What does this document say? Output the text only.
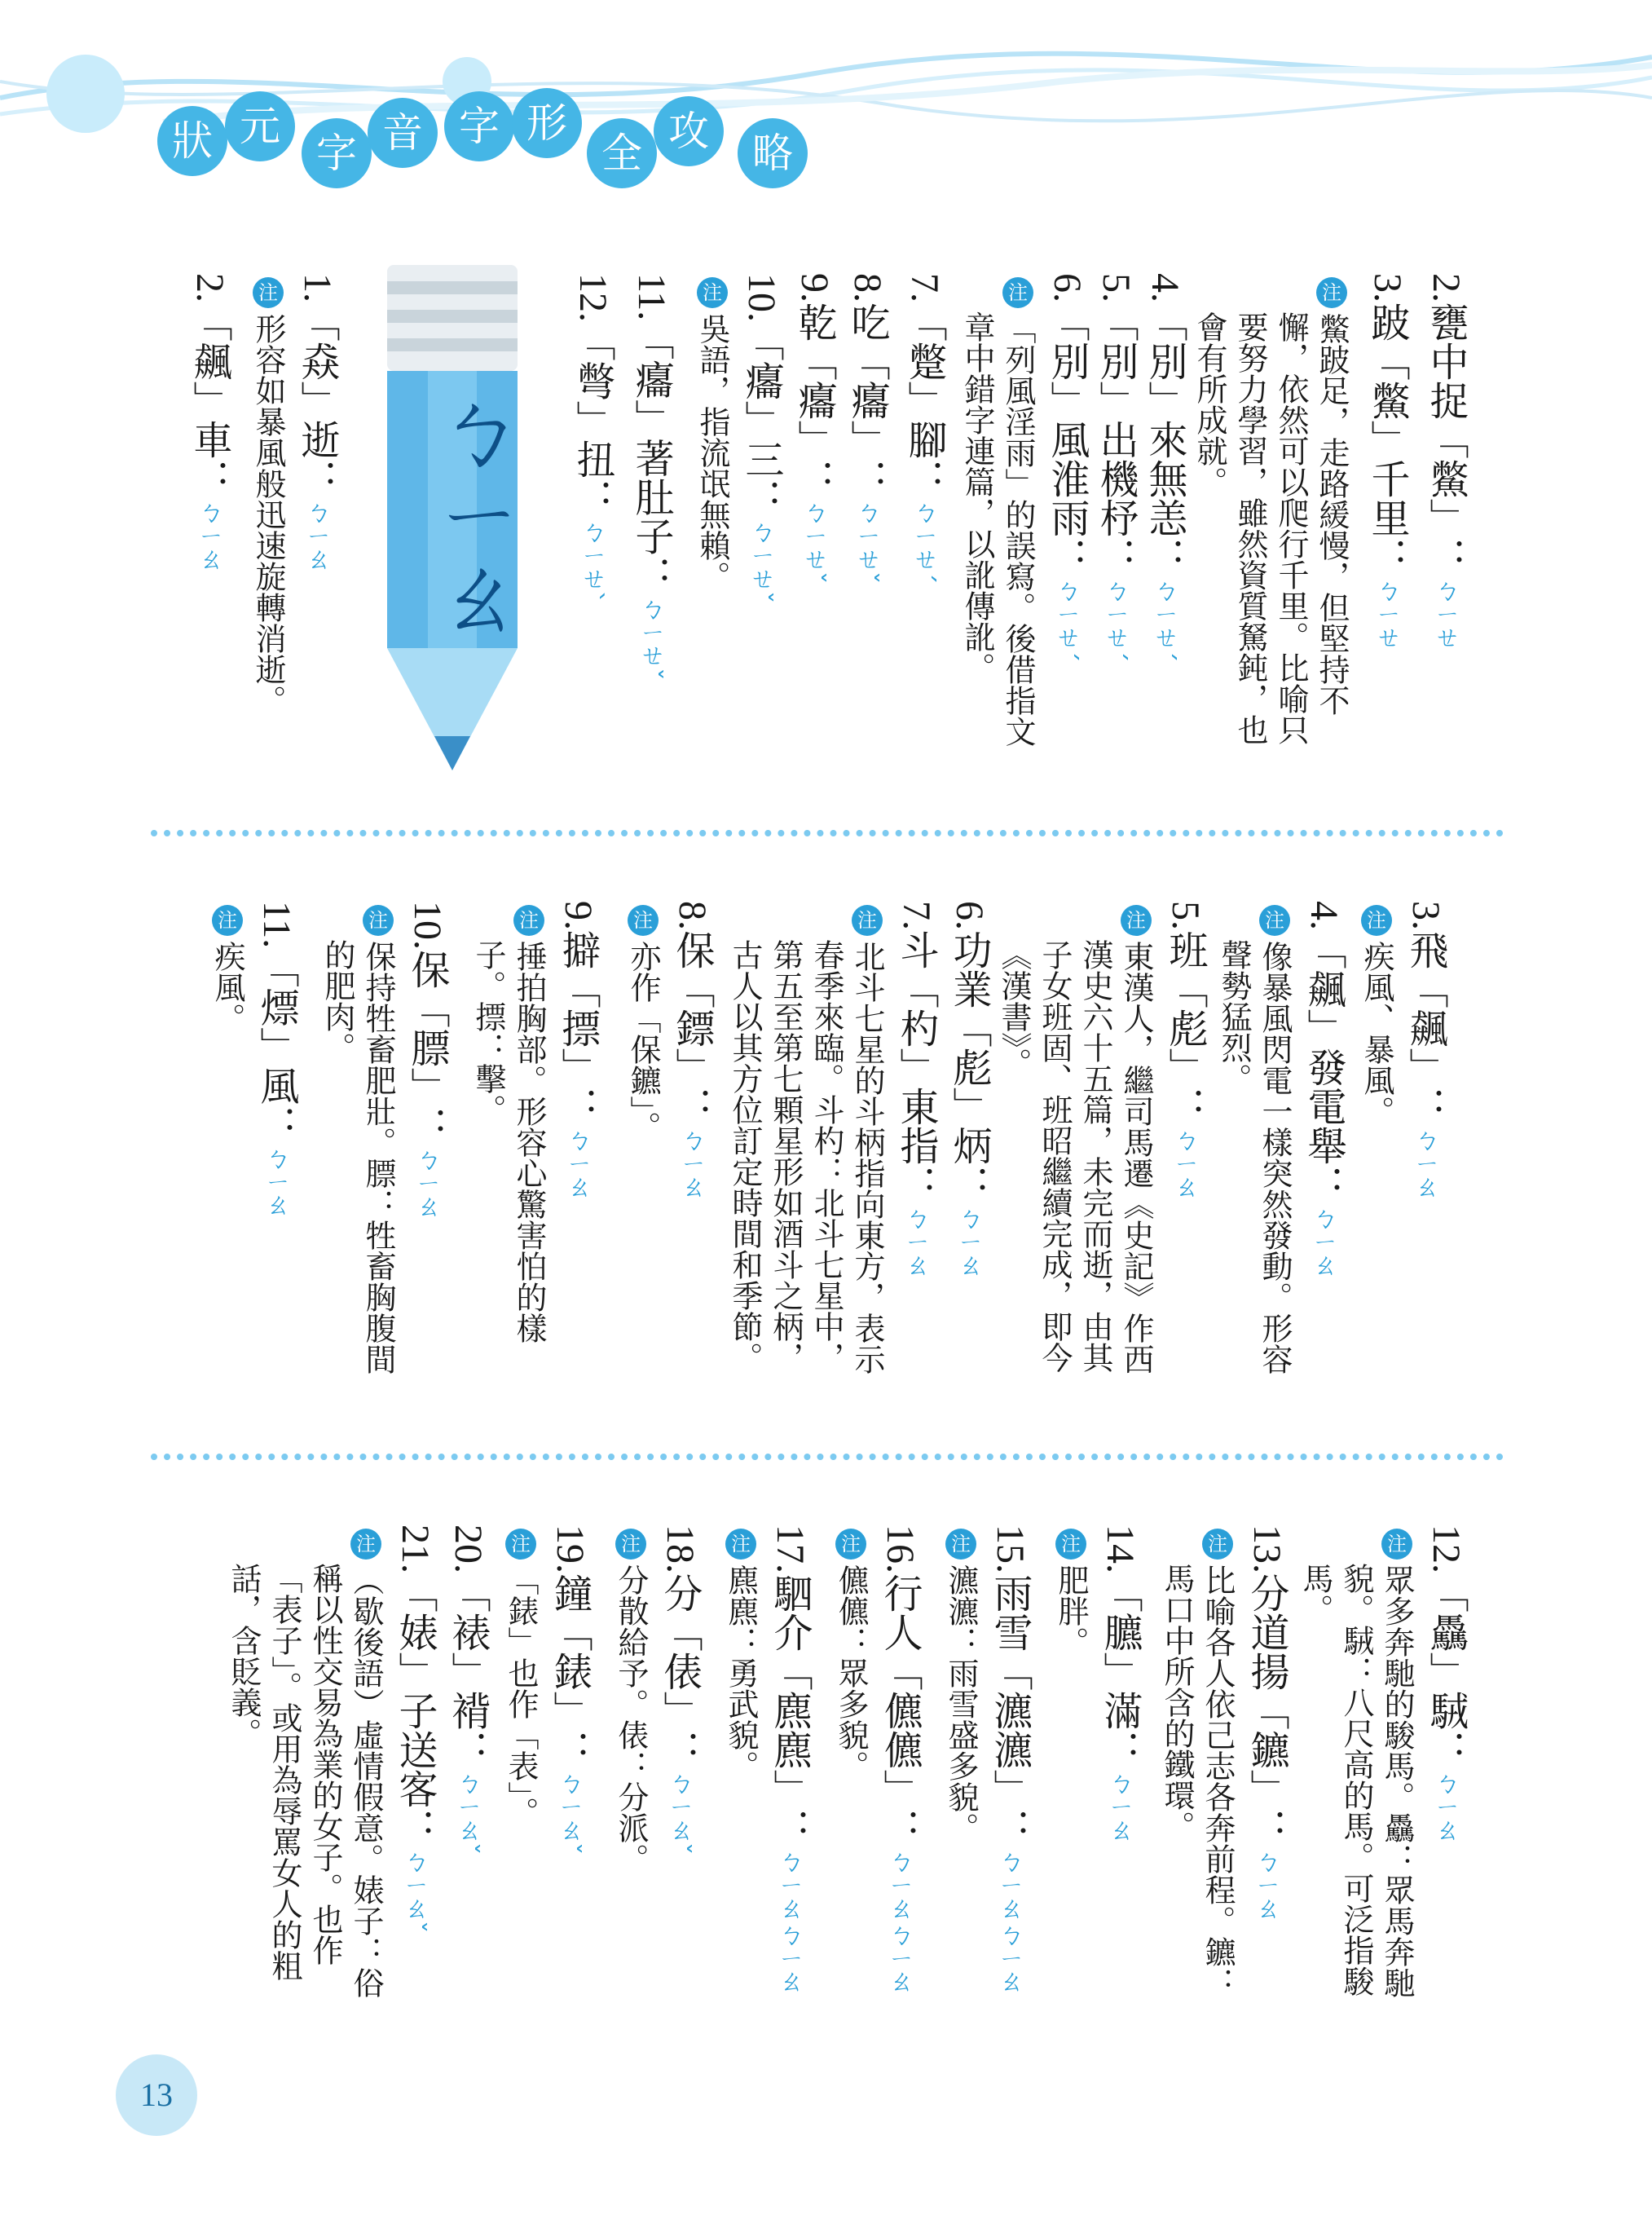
狀 元
字 音 字 形
全 攻	略
ㄅㄧㄠ
2.甕中捉「鱉」：ㄅㄧㄝ
3.跛「鱉」千里：ㄅㄧㄝ
注鱉跛足，走路緩慢，但堅持不
懈，依然可以爬行千里。比喻只
要努力學習，雖然資質駑鈍，也
會有所成就。
4.「別」來無恙：ㄅㄧㄝˊ
5.「別」出機杼：ㄅㄧㄝˊ
6.「別」風淮雨：ㄅㄧㄝˊ
注「列風淫雨」的誤寫。後借指文
章中錯字連篇，以訛傳訛。
7.「蹩」腳：ㄅㄧㄝˊ
8.吃「癟」：ㄅㄧㄝˇ
9.乾「癟」：ㄅㄧㄝˇ
10.「癟」三：ㄅㄧㄝˇ
注吳語，指流氓無賴。
11.「癟」著肚子：ㄅㄧㄝˇ
12.「彆」扭：ㄅㄧㄝˋ
1.「猋」逝：ㄅㄧㄠ
注形容如暴風般迅速旋轉消逝。
2.「飆」車：ㄅㄧㄠ
3.飛「飆」：ㄅㄧㄠ
注疾風、暴風。
4.「飆」發電舉：ㄅㄧㄠ
注像暴風閃電一樣突然發動。形容
聲勢猛烈。
5.班「彪」：ㄅㄧㄠ
注東漢人，繼司馬遷《史記》作西
漢史六十五篇，未完而逝，由其
子女班固、班昭繼續完成，即今
《漢書》。
6.功業「彪」炳：ㄅㄧㄠ
7.斗「杓」東指：ㄅㄧㄠ
注北斗七星的斗柄指向東方，表示
春季來臨。斗杓：北斗七星中，
第五至第七顆星形如酒斗之柄，
古人以其方位訂定時間和季節。
8.保「鏢」：ㄅㄧㄠ
注亦作「保鑣」。
9.擗「摽」：ㄅㄧㄠ
注捶拍胸部。形容心驚害怕的樣
子。摽：擊。
10.保「膘」：ㄅㄧㄠ
注保持牲畜肥壯。膘：牲畜胸腹間
的肥肉。
11.「熛」風：ㄅㄧㄠ
注疾風。
12.「驫」駥：ㄅㄧㄠ
注眾多奔馳的駿馬。驫：眾馬奔馳
貌。駥：八尺高的馬。可泛指駿
馬。
13.分道揚「鑣」：ㄅㄧㄠ
注比喻各人依己志各奔前程。鑣：
馬口中所含的鐵環。
14.「臕」滿：ㄅㄧㄠ
注肥胖。
15.雨雪「瀌瀌」：ㄅㄧㄠㄅㄧㄠ
注瀌瀌：雨雪盛多貌。
16.行人「儦儦」：ㄅㄧㄠㄅㄧㄠ
注儦儦：眾多貌。
17.駟介「麃麃」：ㄅㄧㄠㄅㄧㄠ
注麃麃：勇武貌。
18.分「俵」：ㄅㄧㄠˇ
注分散給予。俵：分派。
19.鐘「錶」：ㄅㄧㄠˇ
注「錶」也作「表」。
20.「裱」褙：ㄅㄧㄠˇ
21.「婊」子送客：ㄅㄧㄠˇ
注（歇後語）虛情假意。婊子：俗
稱以性交易為業的女子。也作
「表子」。或用為辱罵女人的粗
話，含貶義。
13
